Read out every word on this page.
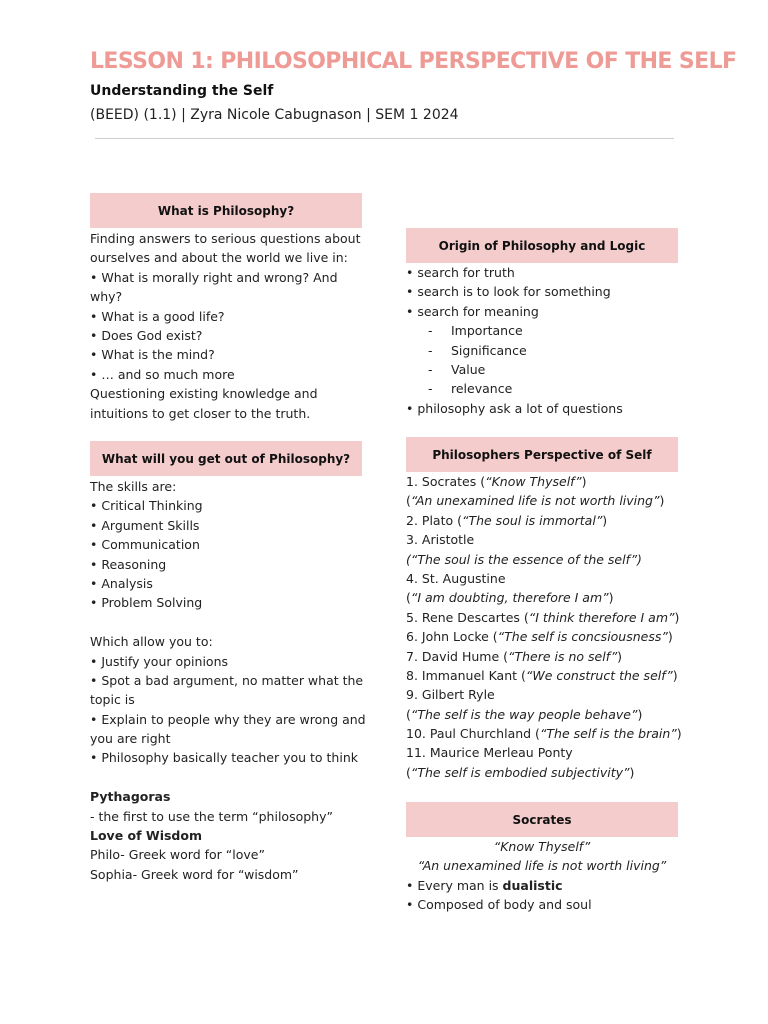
LESSON 1: PHILOSOPHICAL PERSPECTIVE OF THE SELF
Understanding the Self
(BEED) (1.1) | Zyra Nicole Cabugnason | SEM 1 2024
What is Philosophy?
Finding answers to serious questions about
ourselves and about the world we live in:
• What is morally right and wrong? And
why?
• What is a good life?
• Does God exist?
• What is the mind?
• … and so much more
Questioning existing knowledge and
intuitions to get closer to the truth.
What will you get out of Philosophy?
The skills are:
• Critical Thinking
• Argument Skills
• Communication
• Reasoning
• Analysis
• Problem Solving
Which allow you to:
• Justify your opinions
• Spot a bad argument, no matter what the
topic is
• Explain to people why they are wrong and
you are right
• Philosophy basically teacher you to think
Pythagoras
- the first to use the term “philosophy”
Love of Wisdom
Philo- Greek word for “love”
Sophia- Greek word for “wisdom”
Origin of Philosophy and Logic
• search for truth
• search is to look for something
• search for meaning
- Importance
- Significance
- Value
- relevance
• philosophy ask a lot of questions
Philosophers Perspective of Self
1. Socrates (“Know Thyself”)
(“An unexamined life is not worth living”)
2. Plato (“The soul is immortal”)
3. Aristotle
(“The soul is the essence of the self”)
4. St. Augustine
(“I am doubting, therefore I am”)
5. Rene Descartes (“I think therefore I am”)
6. John Locke (“The self is concsiousness”)
7. David Hume (“There is no self”)
8. Immanuel Kant (“We construct the self”)
9. Gilbert Ryle
(“The self is the way people behave”)
10. Paul Churchland (“The self is the brain”)
11. Maurice Merleau Ponty
(“The self is embodied subjectivity”)
Socrates
“Know Thyself”
“An unexamined life is not worth living”
• Every man is dualistic
• Composed of body and soul
